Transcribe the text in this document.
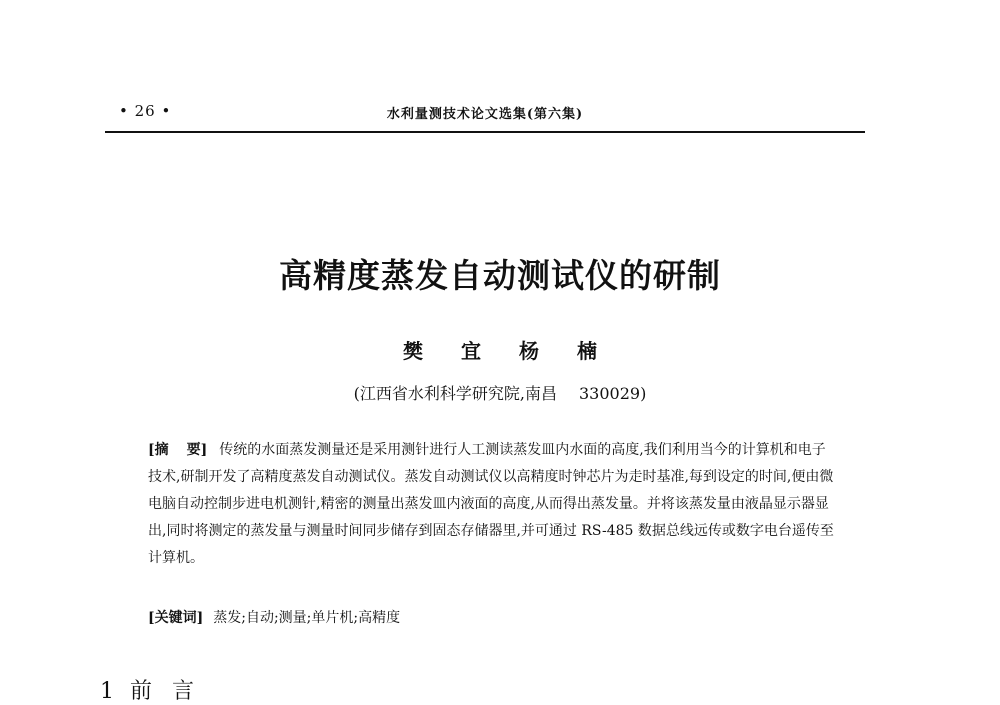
• 26 •	水利量测技术论文选集(第六集)
高精度蒸发自动测试仪的研制
樊 宜 杨 楠
(江西省水利科学研究院,南昌 330029)
[摘 要] 传统的水面蒸发测量还是采用测针进行人工测读蒸发皿内水面的高度,我们利用当今的计算机和电子技术,研制开发了高精度蒸发自动测试仪。蒸发自动测试仪以高精度时钟芯片为走时基准,每到设定的时间,便由微电脑自动控制步进电机测针,精密的测量出蒸发皿内液面的高度,从而得出蒸发量。并将该蒸发量由液晶显示器显出,同时将测定的蒸发量与测量时间同步储存到固态存储器里,并可通过 RS-485 数据总线远传或数字电台遥传至计算机。
[关键词] 蒸发;自动;测量;单片机;高精度
1 前言
